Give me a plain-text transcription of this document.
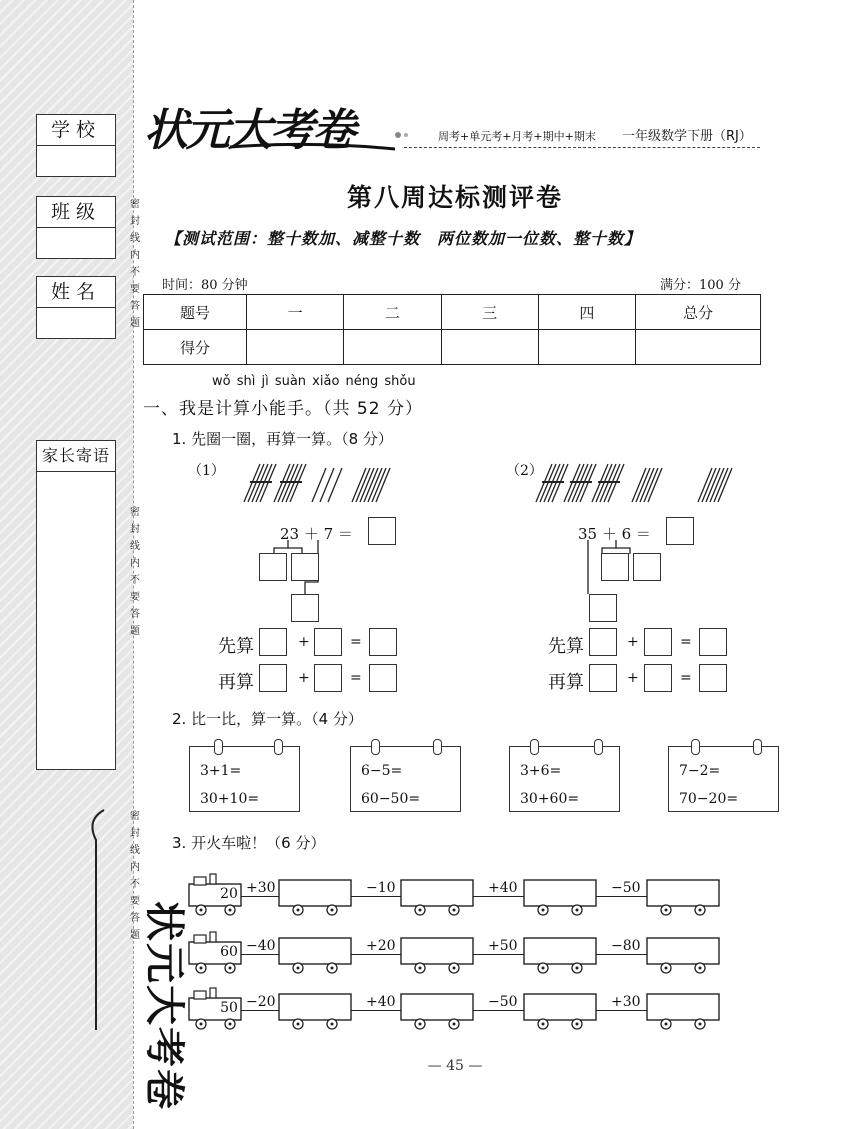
学校
班级
姓名
家长寄语
密
封
线
内
不
要
答
题
密
封
线
内
不
要
答
题
密
封
线
内
不
要
答
题 状元大考卷
状元大考卷	周考+单元考+月考+期中+期末 一年级数学下册（RJ）
第八周达标测评卷
【测试范围：整十数加、减整十数　两位数加一位数、整十数】
时间：80 分钟	满分：100 分
题号	一	二	三	四	总分
得分					
wǒ shì jì suàn xiǎo néng shǒu
一、我是计算小能手。（共 52 分）
1. 先圈一圈，再算一算。（8 分）
（1）	（2）
23 ＋ 7 ＝
先算	+	=
再算	+	=
35 ＋ 6 ＝
先算	+	=
再算	+	=
2. 比一比，算一算。（4 分）
3+1=
30+10=
6−5=
60−50=
3+6=
30+60=
7−2=
70−20=
3. 开火车啦！（6 分）
20 +30	−10	+40	−50
60 −40	+20	+50	−80
50 −20	+40	−50	+30
— 45 —
